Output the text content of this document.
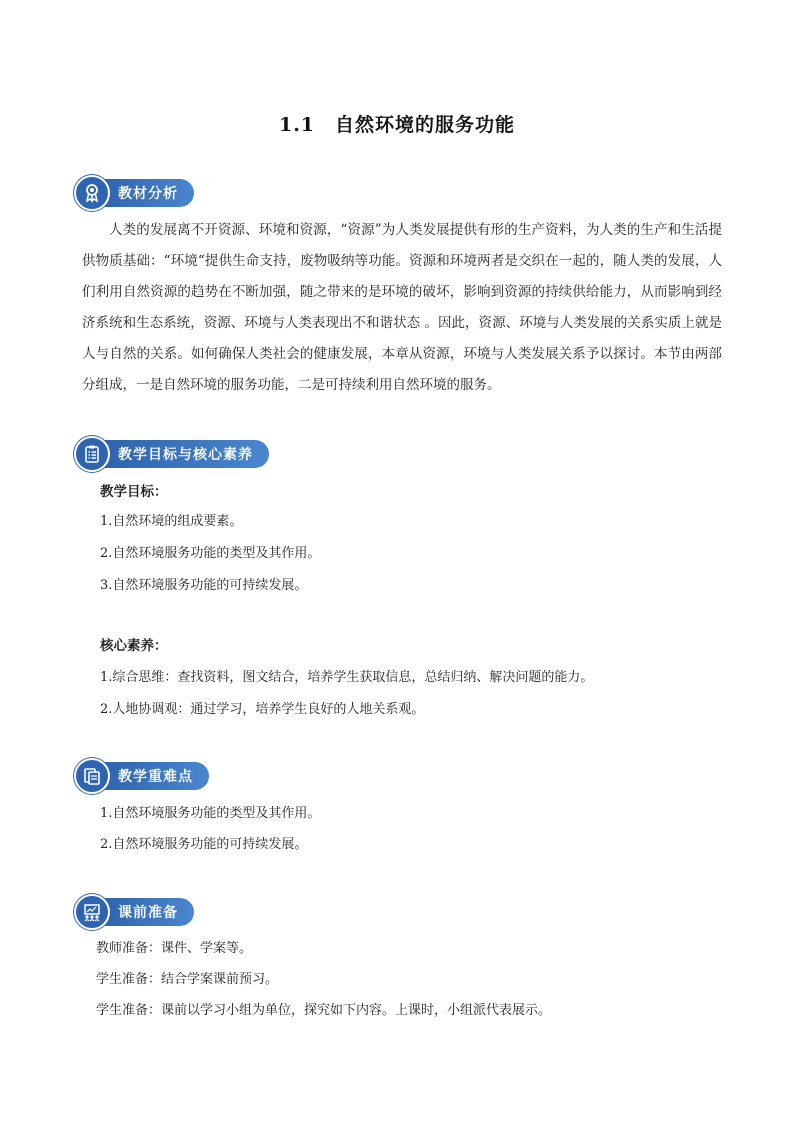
1.1　自然环境的服务功能
教材分析
人类的发展离不开资源、环境和资源，“资源”为人类发展提供有形的生产资料，为人类的生产和生活提供物质基础：“环境“提供生命支持，废物吸纳等功能。资源和环境两者是交织在一起的，随人类的发展，人们利用自然资源的趋势在不断加强，随之带来的是环境的破坏，影响到资源的持续供给能力，从而影响到经济系统和生态系统，资源、环境与人类表现出不和谐状态 。因此，资源、环境与人类发展的关系实质上就是人与自然的关系。如何确保人类社会的健康发展，本章从资源，环境与人类发展关系予以探讨。本节由两部分组成，一是自然环境的服务功能，二是可持续利用自然环境的服务。
教学目标与核心素养
教学目标：
1.自然环境的组成要素。
2.自然环境服务功能的类型及其作用。
3.自然环境服务功能的可持续发展。
核心素养：
1.综合思维：查找资料，图文结合，培养学生获取信息，总结归纳、解决问题的能力。
2.人地协调观：通过学习，培养学生良好的人地关系观。
教学重难点
1.自然环境服务功能的类型及其作用。
2.自然环境服务功能的可持续发展。
课前准备
教师准备：课件、学案等。
学生准备：结合学案课前预习。
学生准备：课前以学习小组为单位，探究如下内容。上课时，小组派代表展示。
